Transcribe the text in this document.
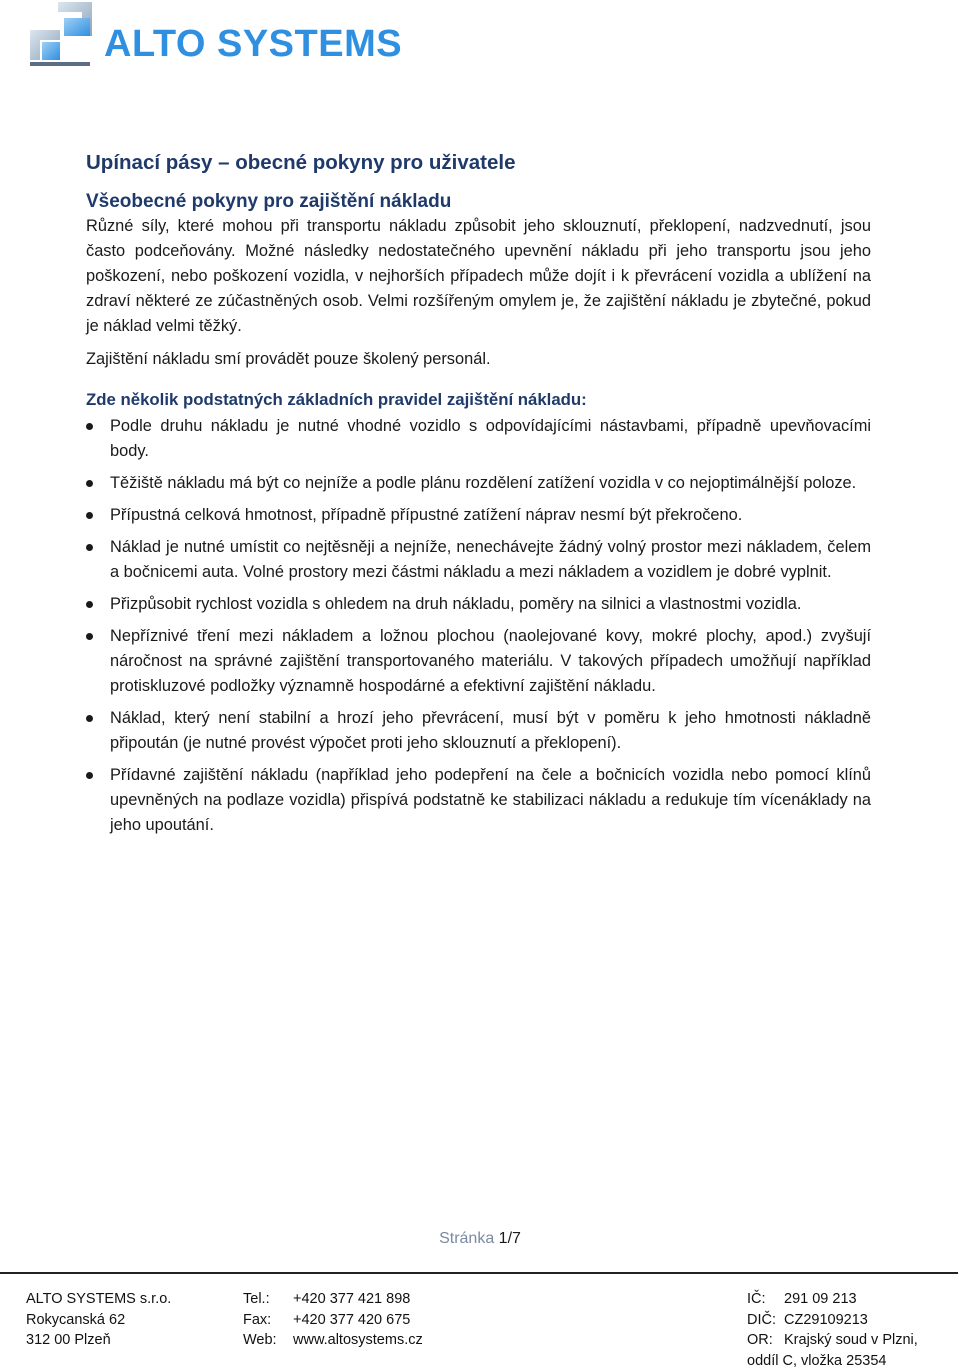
ALTO SYSTEMS
Upínací pásy – obecné pokyny pro uživatele
Všeobecné pokyny pro zajištění nákladu

Různé síly, které mohou při transportu nákladu způsobit jeho sklouznutí, překlopení, nadzvednutí, jsou často podceňovány. Možné následky nedostatečného upevnění nákladu při jeho transportu jsou jeho poškození, nebo poškození vozidla, v nejhorších případech může dojít i k převrácení vozidla a ublížení na zdraví některé ze zúčastněných osob. Velmi rozšířeným omylem je, že zajištění nákladu je zbytečné, pokud je náklad velmi těžký.

Zajištění nákladu smí provádět pouze školený personál.

Zde několik podstatných základních pravidel zajištění nákladu:
Podle druhu nákladu je nutné vhodné vozidlo s odpovídajícími nástavbami, případně upevňovacími body.
Těžiště nákladu má být co nejníže a podle plánu rozdělení zatížení vozidla v co nejoptimálnější poloze.
Přípustná celková hmotnost, případně přípustné zatížení náprav nesmí být překročeno.
Náklad je nutné umístit co nejtěsněji a nejníže, nenechávejte žádný volný prostor mezi nákladem, čelem a bočnicemi auta. Volné prostory mezi částmi nákladu a mezi nákladem a vozidlem je dobré vyplnit.
Přizpůsobit rychlost vozidla s ohledem na druh nákladu, poměry na silnici a vlastnostmi vozidla.
Nepříznivé tření mezi nákladem a ložnou plochou (naolejované kovy, mokré plochy, apod.) zvyšují náročnost na správné zajištění transportovaného materiálu. V takových případech umožňují například protiskluzové podložky významně hospodárné a efektivní zajištění nákladu.
Náklad, který není stabilní a hrozí jeho převrácení, musí být v poměru k jeho hmotnosti nákladně připoután (je nutné provést výpočet proti jeho sklouznutí a překlopení).
Přídavné zajištění nákladu (například jeho podepření na čele a bočnicích vozidla nebo pomocí klínů upevněných na podlaze vozidla) přispívá podstatně ke stabilizaci nákladu a redukuje tím vícenáklady na jeho upoutání.
Stránka 1/7
ALTO SYSTEMS s.r.o.
Rokycanská 62
312 00 Plzeň
Tel.:	+420 377 421 898
Fax:	+420 377 420 675
Web:	www.altosystems.cz
IČ:	291 09 213
DIČ: CZ29109213
OR: Krajský soud v Plzni,
oddíl C, vložka 25354
